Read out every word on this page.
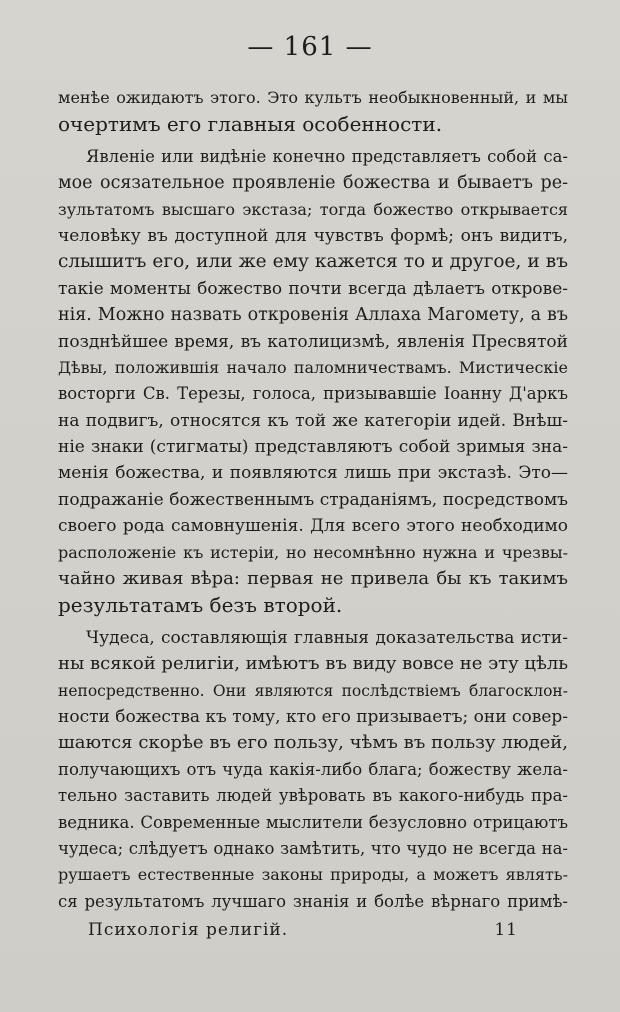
— 161 —
менѣе ожидаютъ этого. Это культъ необыкновенный, и мы
очертимъ его главныя особенности.
Явленіе или видѣніе конечно представляетъ собой са-
мое осязательное проявленіе божества и бываетъ ре-
зультатомъ высшаго экстаза; тогда божество открывается
человѣку въ доступной для чувствъ формѣ; онъ видитъ,
слышитъ его, или же ему кажется то и другое, и въ
такіе моменты божество почти всегда дѣлаетъ открове-
нія. Можно назвать откровенія Аллаха Магомету, а въ
позднѣйшее время, въ католицизмѣ, явленія Пресвятой
Дѣвы, положившія начало паломничествамъ. Мистическіе
восторги Св. Терезы, голоса, призывавшіе Іоанну Д'аркъ
на подвигъ, относятся къ той же категоріи идей. Внѣш-
ніе знаки (стигматы) представляютъ собой зримыя зна-
менія божества, и появляются лишь при экстазѣ. Это—
подражаніе божественнымъ страданіямъ, посредствомъ
своего рода самовнушенія. Для всего этого необходимо
расположеніе къ истеріи, но несомнѣнно нужна и чрезвы-
чайно живая вѣра: первая не привела бы къ такимъ
результатамъ безъ второй.
Чудеса, составляющія главныя доказательства исти-
ны всякой религіи, имѣютъ въ виду вовсе не эту цѣль
непосредственно. Они являются послѣдствіемъ благосклон-
ности божества къ тому, кто его призываетъ; они совер-
шаются скорѣе въ его пользу, чѣмъ въ пользу людей,
получающихъ отъ чуда какія-либо блага; божеству жела-
тельно заставить людей увѣровать въ какого-нибудь пра-
ведника. Современные мыслители безусловно отрицаютъ
чудеса; слѣдуетъ однако замѣтить, что чудо не всегда на-
рушаетъ естественные законы природы, а можетъ являть-
ся результатомъ лучшаго знанія и болѣе вѣрнаго примѣ-
Психологія религій.	11
